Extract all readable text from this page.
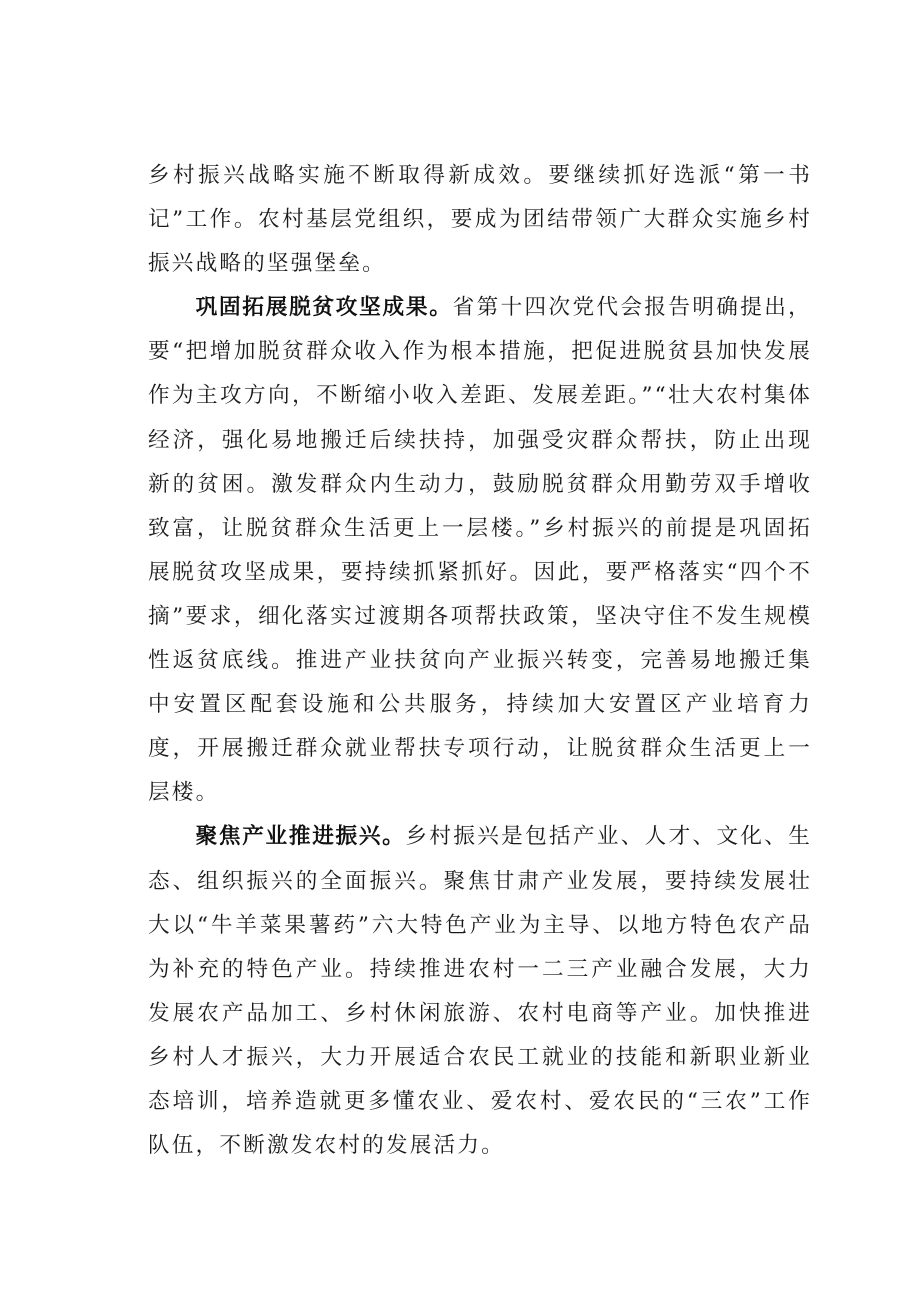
乡村振兴战略实施不断取得新成效。要继续抓好选派“第一书记”工作。农村基层党组织，要成为团结带领广大群众实施乡村振兴战略的坚强堡垒。

巩固拓展脱贫攻坚成果。省第十四次党代会报告明确提出，要“把增加脱贫群众收入作为根本措施，把促进脱贫县加快发展作为主攻方向，不断缩小收入差距、发展差距。”“壮大农村集体经济，强化易地搬迁后续扶持，加强受灾群众帮扶，防止出现新的贫困。激发群众内生动力，鼓励脱贫群众用勤劳双手增收致富，让脱贫群众生活更上一层楼。”乡村振兴的前提是巩固拓展脱贫攻坚成果，要持续抓紧抓好。因此，要严格落实“四个不摘”要求，细化落实过渡期各项帮扶政策，坚决守住不发生规模性返贫底线。推进产业扶贫向产业振兴转变，完善易地搬迁集中安置区配套设施和公共服务，持续加大安置区产业培育力度，开展搬迁群众就业帮扶专项行动，让脱贫群众生活更上一层楼。

聚焦产业推进振兴。乡村振兴是包括产业、人才、文化、生态、组织振兴的全面振兴。聚焦甘肃产业发展，要持续发展壮大以“牛羊菜果薯药”六大特色产业为主导、以地方特色农产品为补充的特色产业。持续推进农村一二三产业融合发展，大力发展农产品加工、乡村休闲旅游、农村电商等产业。加快推进乡村人才振兴，大力开展适合农民工就业的技能和新职业新业态培训，培养造就更多懂农业、爱农村、爱农民的“三农”工作队伍，不断激发农村的发展活力。
